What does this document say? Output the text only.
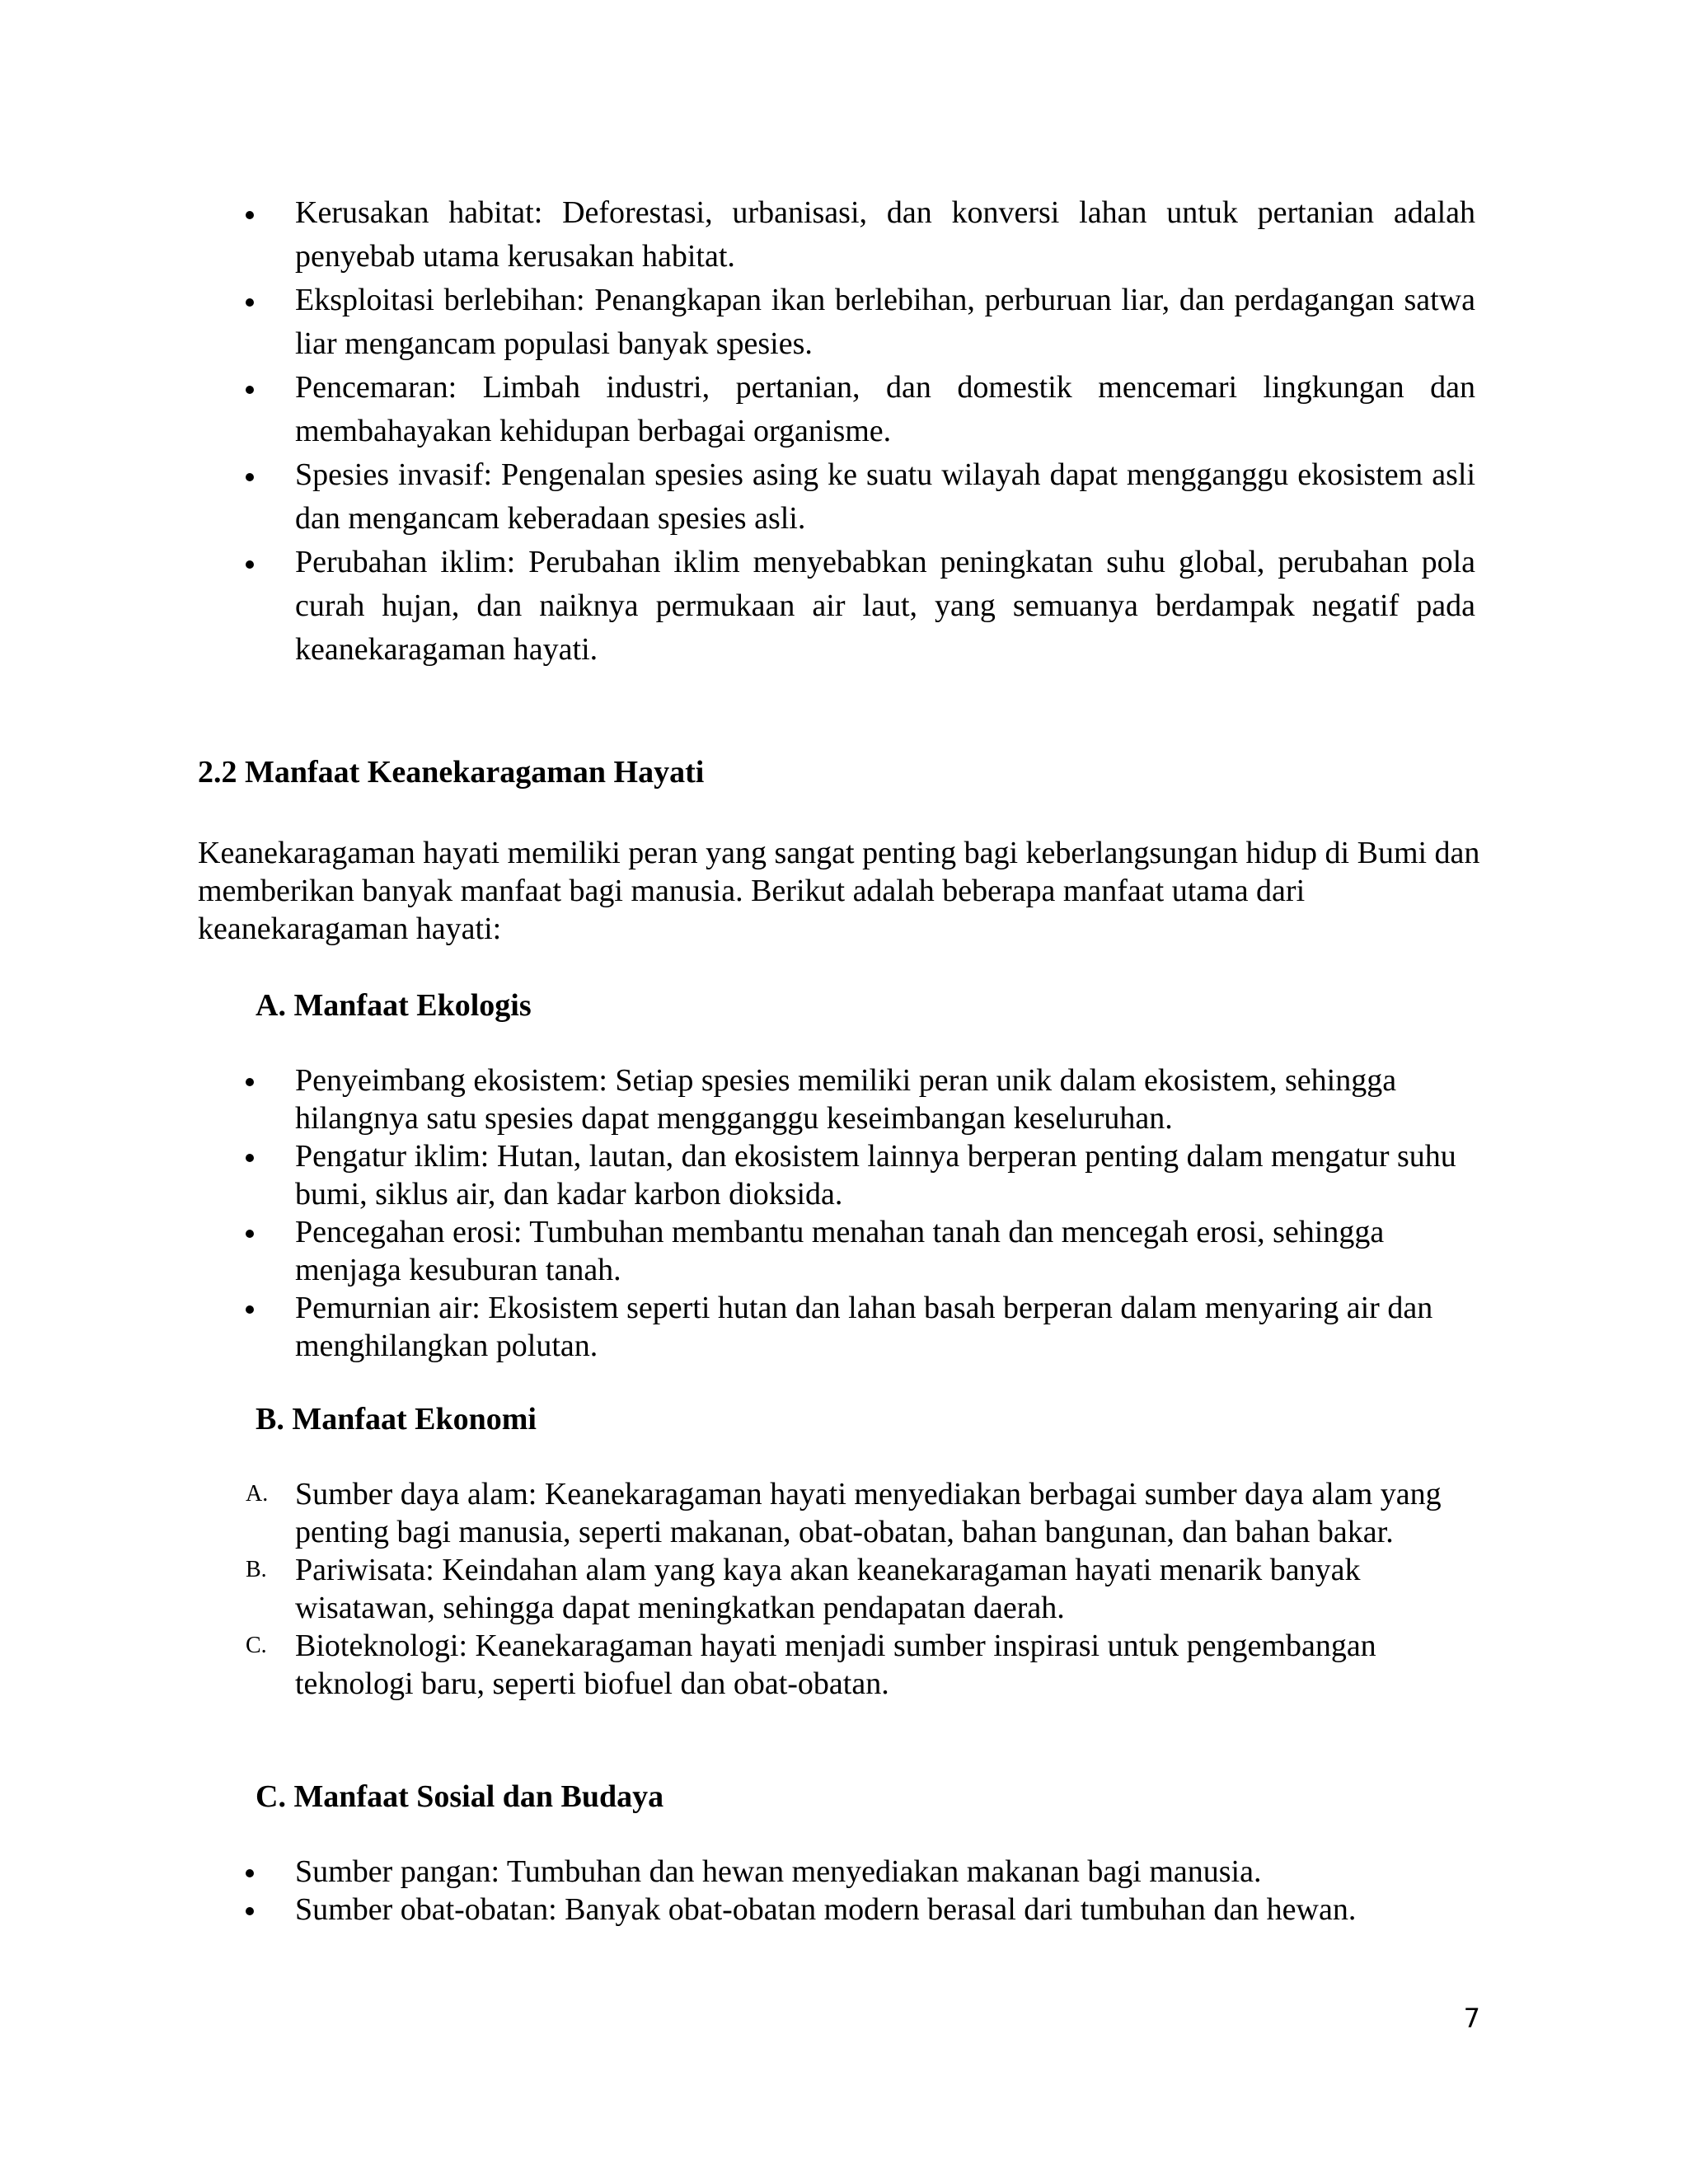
Kerusakan habitat: Deforestasi, urbanisasi, dan konversi lahan untuk pertanian adalah penyebab utama kerusakan habitat.
Eksploitasi berlebihan: Penangkapan ikan berlebihan, perburuan liar, dan perdagangan satwa liar mengancam populasi banyak spesies.
Pencemaran: Limbah industri, pertanian, dan domestik mencemari lingkungan dan membahayakan kehidupan berbagai organisme.
Spesies invasif: Pengenalan spesies asing ke suatu wilayah dapat mengganggu ekosistem asli dan mengancam keberadaan spesies asli.
Perubahan iklim: Perubahan iklim menyebabkan peningkatan suhu global, perubahan pola curah hujan, dan naiknya permukaan air laut, yang semuanya berdampak negatif pada keanekaragaman hayati.
2.2 Manfaat Keanekaragaman Hayati
Keanekaragaman hayati memiliki peran yang sangat penting bagi keberlangsungan hidup di Bumi dan memberikan banyak manfaat bagi manusia. Berikut adalah beberapa manfaat utama dari keanekaragaman hayati:
A. Manfaat Ekologis
Penyeimbang ekosistem: Setiap spesies memiliki peran unik dalam ekosistem, sehingga hilangnya satu spesies dapat mengganggu keseimbangan keseluruhan.
Pengatur iklim: Hutan, lautan, dan ekosistem lainnya berperan penting dalam mengatur suhu bumi, siklus air, dan kadar karbon dioksida.
Pencegahan erosi: Tumbuhan membantu menahan tanah dan mencegah erosi, sehingga menjaga kesuburan tanah.
Pemurnian air: Ekosistem seperti hutan dan lahan basah berperan dalam menyaring air dan menghilangkan polutan.
B. Manfaat Ekonomi
A. Sumber daya alam: Keanekaragaman hayati menyediakan berbagai sumber daya alam yang penting bagi manusia, seperti makanan, obat-obatan, bahan bangunan, dan bahan bakar.
B. Pariwisata: Keindahan alam yang kaya akan keanekaragaman hayati menarik banyak wisatawan, sehingga dapat meningkatkan pendapatan daerah.
C. Bioteknologi: Keanekaragaman hayati menjadi sumber inspirasi untuk pengembangan teknologi baru, seperti biofuel dan obat-obatan.
C. Manfaat Sosial dan Budaya
Sumber pangan: Tumbuhan dan hewan menyediakan makanan bagi manusia.
Sumber obat-obatan: Banyak obat-obatan modern berasal dari tumbuhan dan hewan.
7
